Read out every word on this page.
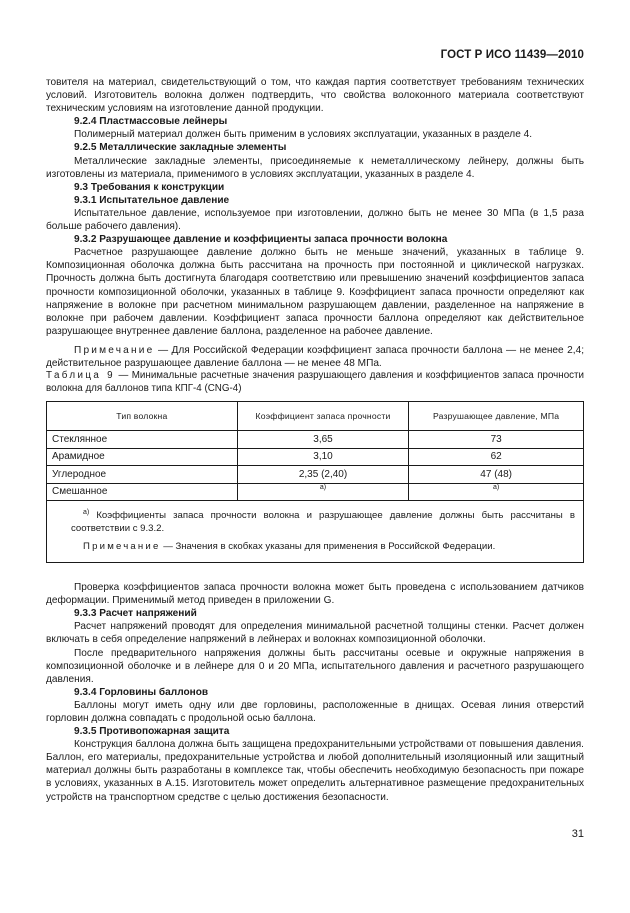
ГОСТ Р ИСО 11439—2010

товителя на материал, свидетельствующий о том, что каждая партия соответствует требованиям технических условий. Изготовитель волокна должен подтвердить, что свойства волоконного материала соответствуют техническим условиям на изготовление данной продукции.

9.2.4 Пластмассовые лейнеры

Полимерный материал должен быть применим в условиях эксплуатации, указанных в разделе 4.

9.2.5 Металлические закладные элементы

Металлические закладные элементы, присоединяемые к неметаллическому лейнеру, должны быть изготовлены из материала, применимого в условиях эксплуатации, указанных в разделе 4.

9.3 Требования к конструкции

9.3.1 Испытательное давление

Испытательное давление, используемое при изготовлении, должно быть не менее 30 МПа (в 1,5 раза больше рабочего давления).

9.3.2 Разрушающее давление и коэффициенты запаса прочности волокна

Расчетное разрушающее давление должно быть не меньше значений, указанных в таблице 9. Композиционная оболочка должна быть рассчитана на прочность при постоянной и циклической нагрузках. Прочность должна быть достигнута благодаря соответствию или превышению значений коэффициентов запаса прочности композиционной оболочки, указанных в таблице 9. Коэффициент запаса прочности определяют как напряжение в волокне при расчетном минимальном разрушающем давлении, разделенное на напряжение в волокне при рабочем давлении. Коэффициент запаса прочности баллона определяют как действительное разрушающее внутреннее давление баллона, разделенное на рабочее давление.

Примечание — Для Российской Федерации коэффициент запаса прочности баллона — не менее 2,4; действительное разрушающее давление баллона — не менее 48 МПа.

Таблица 9 — Минимальные расчетные значения разрушающего давления и коэффициентов запаса прочности волокна для баллонов типа КПГ-4 (CNG-4)

Тип волокна	Коэффициент запаса прочности	Разрушающее давление, МПа
Стеклянное	3,65	73
Арамидное	3,10	62
Углеродное	2,35 (2,40)	47 (48)
Смешанное	$^{а)}$	$^{а)}$

$^{а)}$ Коэффициенты запаса прочности волокна и разрушающее давление должны быть рассчитаны в соответствии с 9.3.2.

Примечание — Значения в скобках указаны для применения в Российской Федерации.

Проверка коэффициентов запаса прочности волокна может быть проведена с использованием датчиков деформации. Применимый метод приведен в приложении G.

9.3.3 Расчет напряжений

Расчет напряжений проводят для определения минимальной расчетной толщины стенки. Расчет должен включать в себя определение напряжений в лейнерах и волокнах композиционной оболочки.

После предварительного напряжения должны быть рассчитаны осевые и окружные напряжения в композиционной оболочке и в лейнере для 0 и 20 МПа, испытательного давления и расчетного разрушающего давления.

9.3.4 Горловины баллонов

Баллоны могут иметь одну или две горловины, расположенные в днищах. Осевая линия отверстий горловин должна совпадать с продольной осью баллона.

9.3.5 Противопожарная защита

Конструкция баллона должна быть защищена предохранительными устройствами от повышения давления. Баллон, его материалы, предохранительные устройства и любой дополнительный изоляционный или защитный материал должны быть разработаны в комплексе так, чтобы обеспечить необходимую безопасность при пожаре в условиях, указанных в А.15. Изготовитель может определить альтернативное размещение предохранительных устройств на транспортном средстве с целью достижения безопасности.

31
